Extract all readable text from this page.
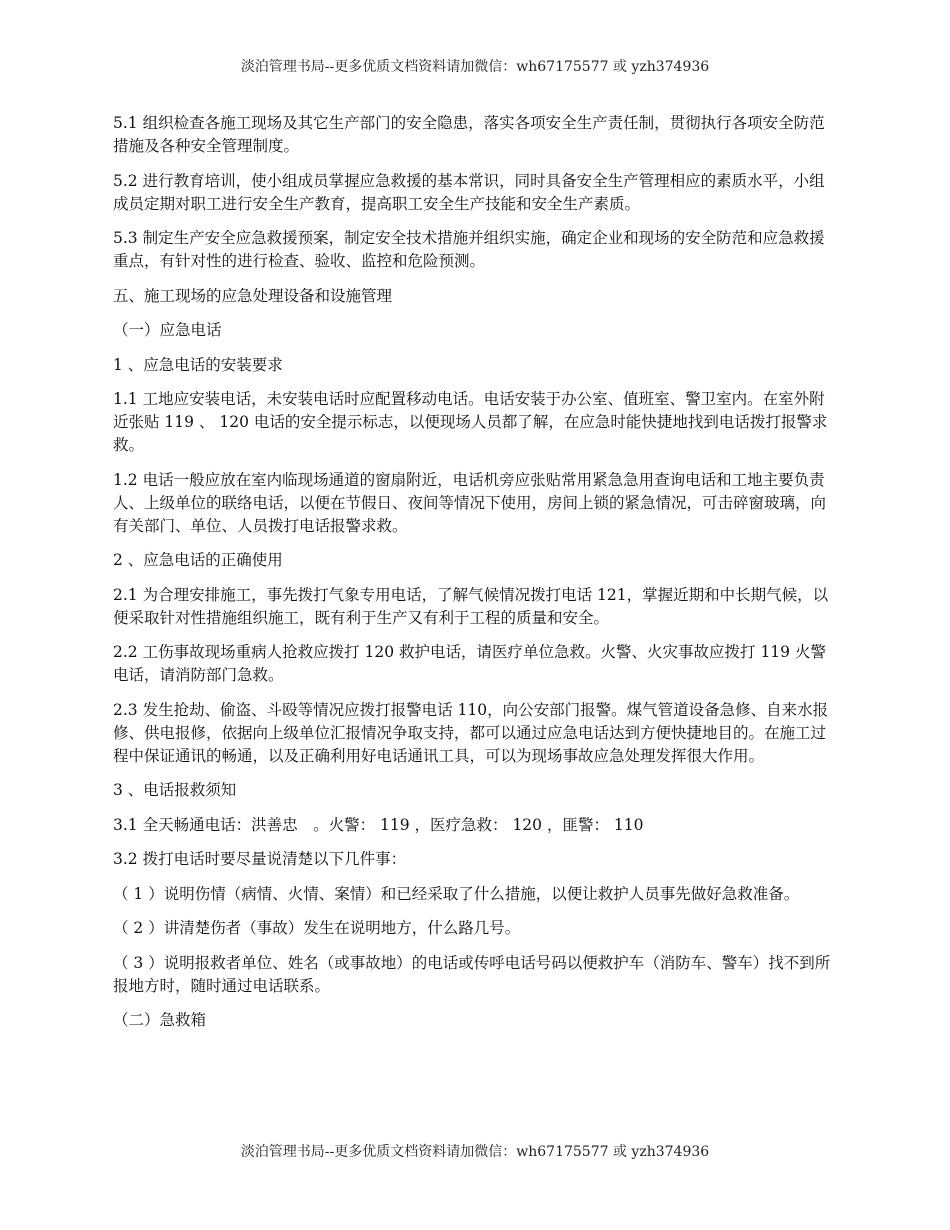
淡泊管理书局--更多优质文档资料请加微信：wh67175577 或 yzh374936

5.1 组织检查各施工现场及其它生产部门的安全隐患，落实各项安全生产责任制，贯彻执行各项安全防范措施及各种安全管理制度。

5.2 进行教育培训，使小组成员掌握应急救援的基本常识，同时具备安全生产管理相应的素质水平，小组成员定期对职工进行安全生产教育，提高职工安全生产技能和安全生产素质。

5.3 制定生产安全应急救援预案，制定安全技术措施并组织实施，确定企业和现场的安全防范和应急救援重点，有针对性的进行检查、验收、监控和危险预测。

五、施工现场的应急处理设备和设施管理

（一）应急电话

1 、应急电话的安装要求

1.1 工地应安装电话，未安装电话时应配置移动电话。电话安装于办公室、值班室、警卫室内。在室外附近张贴 119 、 120 电话的安全提示标志，以便现场人员都了解，在应急时能快捷地找到电话拨打报警求救。

1.2 电话一般应放在室内临现场通道的窗扇附近，电话机旁应张贴常用紧急急用查询电话和工地主要负责人、上级单位的联络电话，以便在节假日、夜间等情况下使用，房间上锁的紧急情况，可击碎窗玻璃，向有关部门、单位、人员拨打电话报警求救。

2 、应急电话的正确使用

2.1 为合理安排施工，事先拨打气象专用电话，了解气候情况拨打电话 121，掌握近期和中长期气候，以便采取针对性措施组织施工，既有利于生产又有利于工程的质量和安全。

2.2 工伤事故现场重病人抢救应拨打 120 救护电话，请医疗单位急救。火警、火灾事故应拨打 119 火警电话，请消防部门急救。

2.3 发生抢劫、偷盗、斗殴等情况应拨打报警电话 110，向公安部门报警。煤气管道设备急修、自来水报修、供电报修，依据向上级单位汇报情况争取支持，都可以通过应急电话达到方便快捷地目的。在施工过程中保证通讯的畅通，以及正确利用好电话通讯工具，可以为现场事故应急处理发挥很大作用。

3 、电话报救须知

3.1 全天畅通电话：洪善忠　。火警： 119 ，医疗急救： 120 ，匪警： 110

3.2 拨打电话时要尽量说清楚以下几件事：

（ 1 ）说明伤情（病情、火情、案情）和已经采取了什么措施，以便让救护人员事先做好急救准备。

（ 2 ）讲清楚伤者（事故）发生在说明地方，什么路几号。

（ 3 ）说明报救者单位、姓名（或事故地）的电话或传呼电话号码以便救护车（消防车、警车）找不到所报地方时，随时通过电话联系。

（二）急救箱

淡泊管理书局--更多优质文档资料请加微信：wh67175577 或 yzh374936
